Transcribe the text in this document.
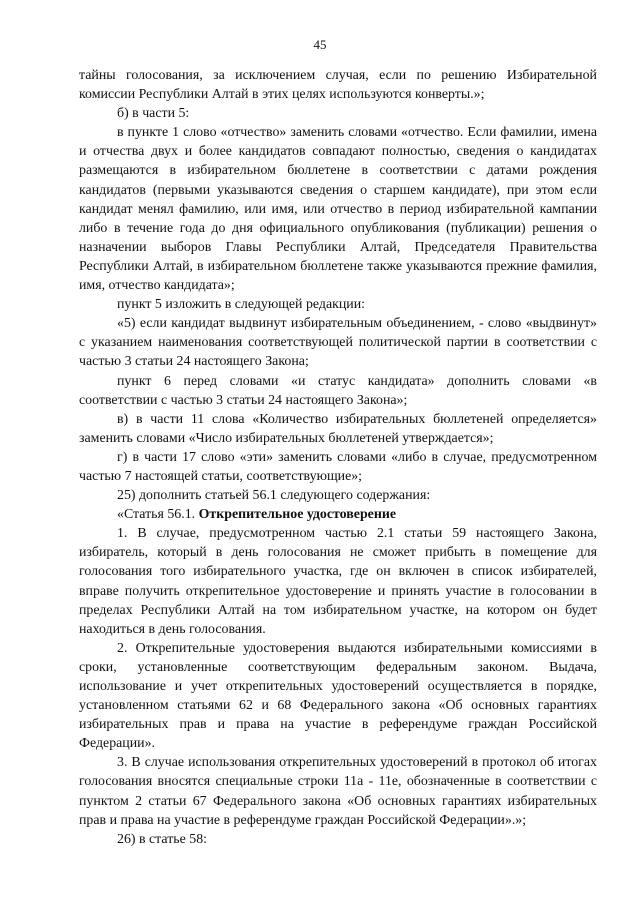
45

тайны голосования, за исключением случая, если по решению Избирательной комиссии Республики Алтай в этих целях используются конверты.»;

б) в части 5:

в пункте 1 слово «отчество» заменить словами «отчество. Если фамилии, имена и отчества двух и более кандидатов совпадают полностью, сведения о кандидатах размещаются в избирательном бюллетене в соответствии с датами рождения кандидатов (первыми указываются сведения о старшем кандидате), при этом если кандидат менял фамилию, или имя, или отчество в период избирательной кампании либо в течение года до дня официального опубликования (публикации) решения о назначении выборов Главы Республики Алтай, Председателя Правительства Республики Алтай, в избирательном бюллетене также указываются прежние фамилия, имя, отчество кандидата»;

пункт 5 изложить в следующей редакции:

«5) если кандидат выдвинут избирательным объединением, - слово «выдвинут» с указанием наименования соответствующей политической партии в соответствии с частью 3 статьи 24 настоящего Закона;

пункт 6 перед словами «и статус кандидата» дополнить словами «в соответствии с частью 3 статьи 24 настоящего Закона»;

в) в части 11 слова «Количество избирательных бюллетеней определяется» заменить словами «Число избирательных бюллетеней утверждается»;

г) в части 17 слово «эти» заменить словами «либо в случае, предусмотренном частью 7 настоящей статьи, соответствующие»;

25) дополнить статьей 56.1 следующего содержания:

«Статья 56.1. Открепительное удостоверение

1. В случае, предусмотренном частью 2.1 статьи 59 настоящего Закона, избиратель, который в день голосования не сможет прибыть в помещение для голосования того избирательного участка, где он включен в список избирателей, вправе получить открепительное удостоверение и принять участие в голосовании в пределах Республики Алтай на том избирательном участке, на котором он будет находиться в день голосования.

2. Открепительные удостоверения выдаются избирательными комиссиями в сроки, установленные соответствующим федеральным законом. Выдача, использование и учет открепительных удостоверений осуществляется в порядке, установленном статьями 62 и 68 Федерального закона «Об основных гарантиях избирательных прав и права на участие в референдуме граждан Российской Федерации».

3. В случае использования открепительных удостоверений в протокол об итогах голосования вносятся специальные строки 11а - 11е, обозначенные в соответствии с пунктом 2 статьи 67 Федерального закона «Об основных гарантиях избирательных прав и права на участие в референдуме граждан Российской Федерации».»;

26) в статье 58:
